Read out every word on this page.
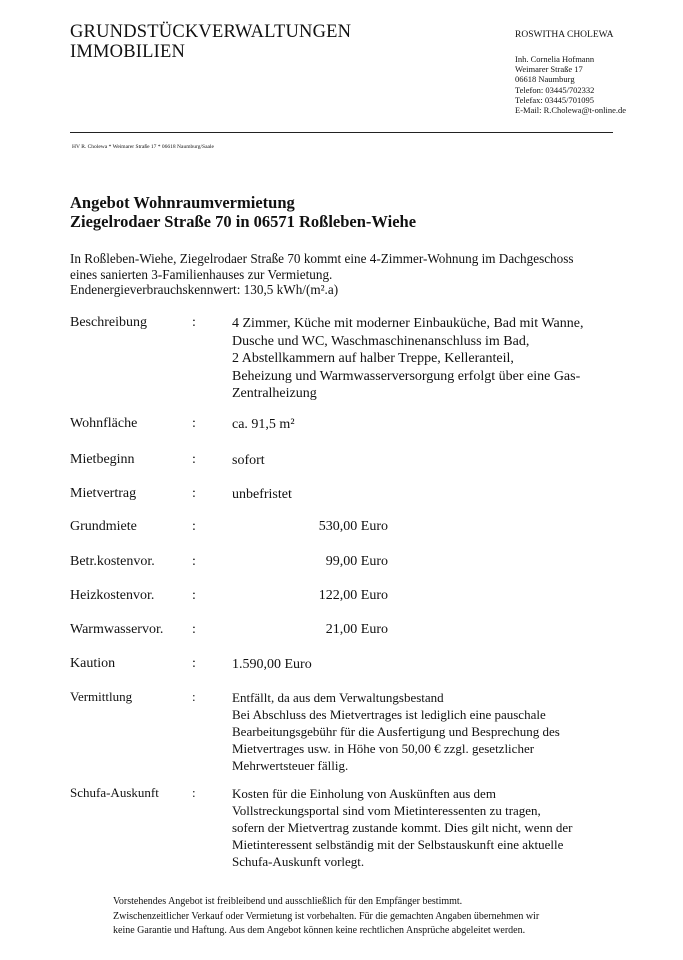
GRUNDSTÜCKVERWALTUNGEN
IMMOBILIEN
ROSWITHA CHOLEWA
Inh. Cornelia Hofmann
Weimarer Straße 17
06618 Naumburg
Telefon: 03445/702332
Telefax: 03445/701095
E-Mail: R.Cholewa@t-online.de
HV R. Cholewa * Weimarer Straße 17 * 06618 Naumburg/Saale
Angebot Wohnraumvermietung
Ziegelrodaer Straße 70 in 06571 Roßleben-Wiehe
In Roßleben-Wiehe, Ziegelrodaer Straße 70 kommt eine 4-Zimmer-Wohnung im Dachgeschoss
eines sanierten 3-Familienhauses zur Vermietung.
Endenergieverbrauchskennwert: 130,5 kWh/(m².a)
Beschreibung	:	4 Zimmer, Küche mit moderner Einbauküche, Bad mit Wanne,
Dusche und WC, Waschmaschinenanschluss im Bad,
2 Abstellkammern auf halber Treppe, Kelleranteil,
Beheizung und Warmwasserversorgung erfolgt über eine Gas-
Zentralheizung
Wohnfläche	:	ca. 91,5 m²
Mietbeginn	:	sofort
Mietvertrag	:	unbefristet
Grundmiete	:	530,00 Euro
Betr.kostenvor.	:	99,00 Euro
Heizkostenvor.	:	122,00 Euro
Warmwasservor. :	21,00 Euro
Kaution	:	1.590,00 Euro
Vermittlung	:	Entfällt, da aus dem Verwaltungsbestand
Bei Abschluss des Mietvertrages ist lediglich eine pauschale
Bearbeitungsgebühr für die Ausfertigung und Besprechung des
Mietvertrages usw. in Höhe von 50,00 € zzgl. gesetzlicher
Mehrwertsteuer fällig.
Schufa-Auskunft	:	Kosten für die Einholung von Auskünften aus dem
Vollstreckungsportal sind vom Mietinteressenten zu tragen,
sofern der Mietvertrag zustande kommt. Dies gilt nicht, wenn der
Mietinteressent selbständig mit der Selbstauskunft eine aktuelle
Schufa-Auskunft vorlegt.
Vorstehendes Angebot ist freibleibend und ausschließlich für den Empfänger bestimmt.
Zwischenzeitlicher Verkauf oder Vermietung ist vorbehalten. Für die gemachten Angaben übernehmen wir
keine Garantie und Haftung. Aus dem Angebot können keine rechtlichen Ansprüche abgeleitet werden.
